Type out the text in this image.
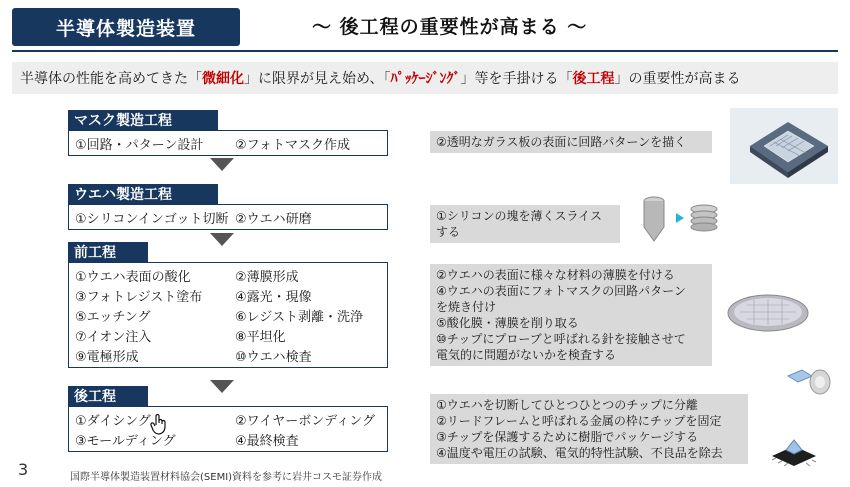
半導体製造装置	～ 後工程の重要性が高まる ～
半導体の性能を高めてきた「 微細化 」に限界が見え始め、「 ﾊﾟｯｹｰｼﾞﾝｸﾞ 」等を手掛ける「 後工程 」の重要性が高まる
マスク製造工程
①回路・パターン設計	②フォトマスク作成
ウエハ製造工程
①シリコンインゴット切断 ②ウエハ研磨
前工程
①ウエハ表面の酸化	②薄膜形成
③フォトレジスト塗布	④露光・現像
⑤エッチング	⑥レジスト剥離・洗浄
⑦イオン注入	⑧平坦化
⑨電極形成	⑩ウエハ検査
後工程
①ダイシング	②ワイヤーボンディング
③モールディング	④最終検査
②透明なガラス板の表面に回路パターンを描く
①シリコンの塊を薄くスライスする
②ウエハの表面に様々な材料の薄膜を付ける
④ウエハの表面にフォトマスクの回路パターン
を焼き付け
⑤酸化膜・薄膜を削り取る
⑩チップにプローブと呼ばれる針を接触させて
電気的に問題がないかを検査する
①ウエハを切断してひとつひとつのチップに分離
②リードフレームと呼ばれる金属の枠にチップを固定
③チップを保護するために樹脂でパッケージする
④温度や電圧の試験、電気的特性試験、不良品を除去
3	国際半導体製造装置材料協会(SEMI)資料を参考に岩井コスモ証券作成
